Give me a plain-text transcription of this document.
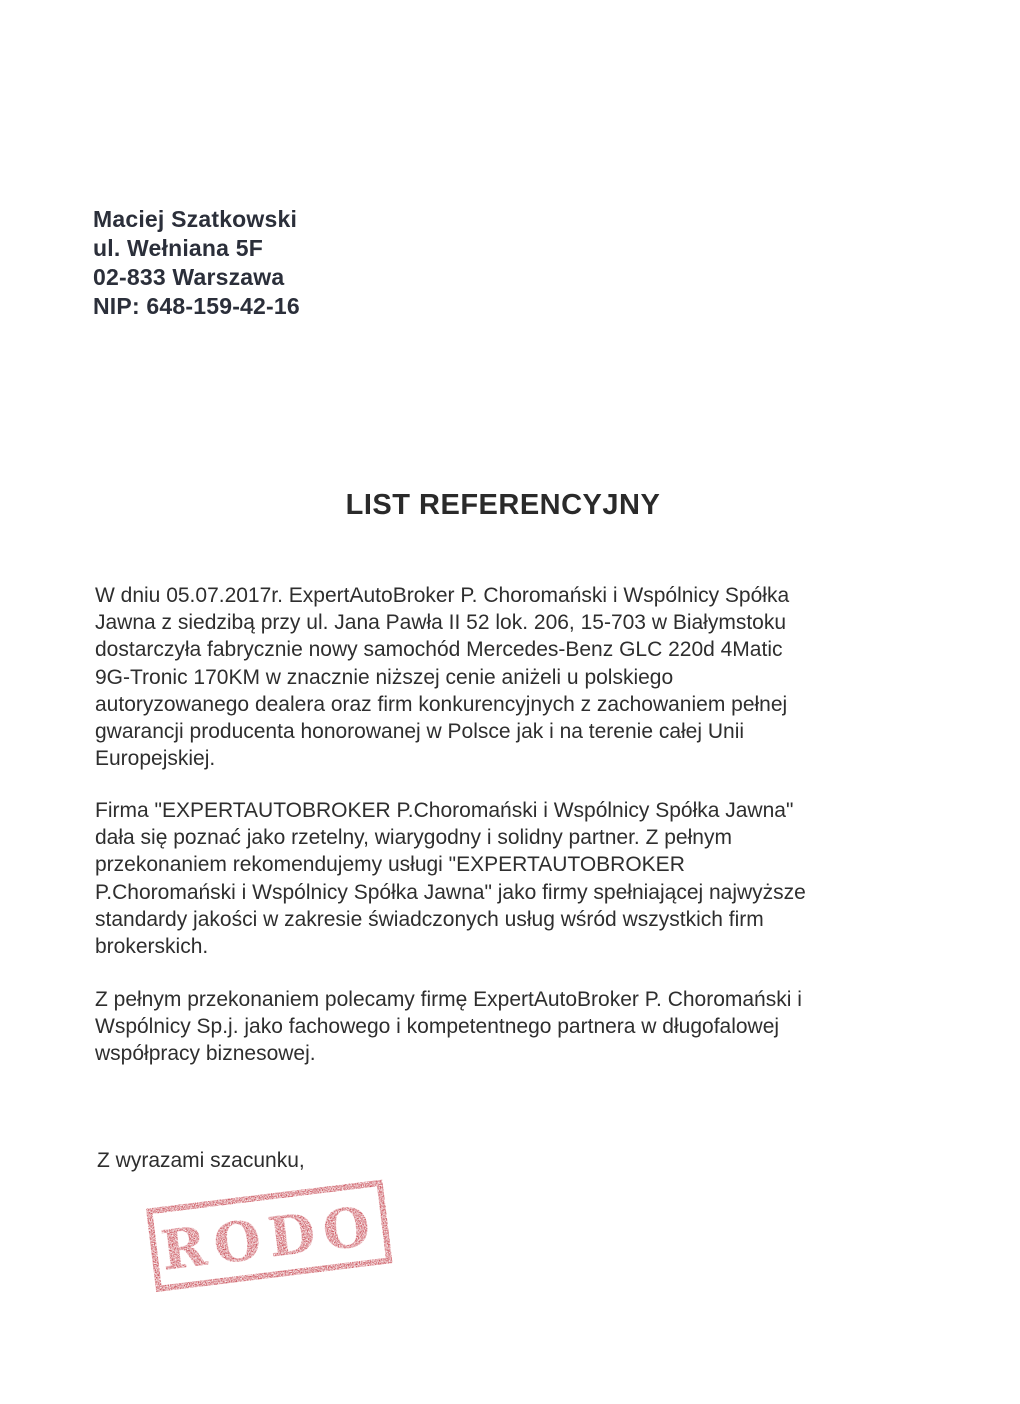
Maciej Szatkowski
ul. Wełniana 5F
02-833 Warszawa
NIP: 648-159-42-16
LIST REFERENCYJNY

W dniu 05.07.2017r. ExpertAutoBroker P. Choromański i Wspólnicy Spółka
Jawna z siedzibą przy ul. Jana Pawła II 52 lok. 206, 15-703 w Białymstoku
dostarczyła fabrycznie nowy samochód Mercedes-Benz GLC 220d 4Matic
9G-Tronic 170KM w znacznie niższej cenie aniżeli u polskiego
autoryzowanego dealera oraz firm konkurencyjnych z zachowaniem pełnej
gwarancji producenta honorowanej w Polsce jak i na terenie całej Unii
Europejskiej.

Firma "EXPERTAUTOBROKER P.Choromański i Wspólnicy Spółka Jawna"
dała się poznać jako rzetelny, wiarygodny i solidny partner. Z pełnym
przekonaniem rekomendujemy usługi "EXPERTAUTOBROKER
P.Choromański i Wspólnicy Spółka Jawna" jako firmy spełniającej najwyższe
standardy jakości w zakresie świadczonych usług wśród wszystkich firm
brokerskich.

Z pełnym przekonaniem polecamy firmę ExpertAutoBroker P. Choromański i
Wspólnicy Sp.j. jako fachowego i kompetentnego partnera w długofalowej
współpracy biznesowej.

Z wyrazami szacunku,

RODO
